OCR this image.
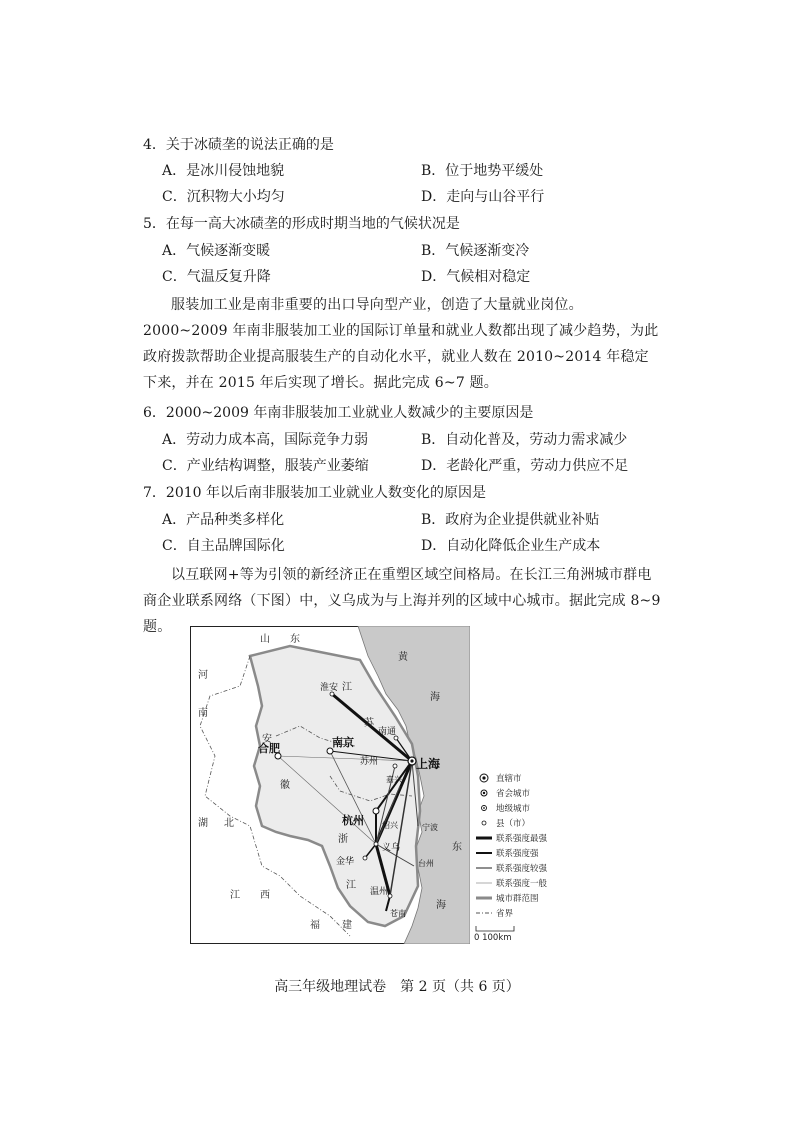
4．关于冰碛垄的说法正确的是
A．是冰川侵蚀地貌	B．位于地势平缓处
C．沉积物大小均匀	D．走向与山谷平行
5．在每一高大冰碛垄的形成时期当地的气候状况是
A．气候逐渐变暖	B．气候逐渐变冷
C．气温反复升降	D．气候相对稳定
服装加工业是南非重要的出口导向型产业，创造了大量就业岗位。2000~2009 年南非服装加工业的国际订单量和就业人数都出现了减少趋势，为此政府拨款帮助企业提高服装生产的自动化水平，就业人数在 2010~2014 年稳定下来，并在 2015 年后实现了增长。据此完成 6~7 题。
6．2000~2009 年南非服装加工业就业人数减少的主要原因是
A．劳动力成本高，国际竞争力弱	B．自动化普及，劳动力需求减少
C．产业结构调整，服装产业萎缩	D．老龄化严重，劳动力供应不足
7．2010 年以后南非服装加工业就业人数变化的原因是
A．产品种类多样化	B．政府为企业提供就业补贴
C．自主品牌国际化	D．自动化降低企业生产成本
以互联网+等为引领的新经济正在重塑区域空间格局。在长江三角洲城市群电商企业联系网络（下图）中，义乌成为与上海并列的区域中心城市。据此完成 8~9 题。
山 东
河
南
湖 北
江 西
福 建
安
徽
江
苏
浙
江
黄
海
东
海
淮安
南京
合肥
南通
苏州	上海
嘉兴
杭州 绍兴
义乌
金华	台州
温州
苍南
宁波
直辖市
省会城市
地级城市
县（市）
联系强度最强
联系强度强
联系强度较强
联系强度一般
城市群范围
省界
0 100km
高三年级地理试卷　第 2 页（共 6 页）
